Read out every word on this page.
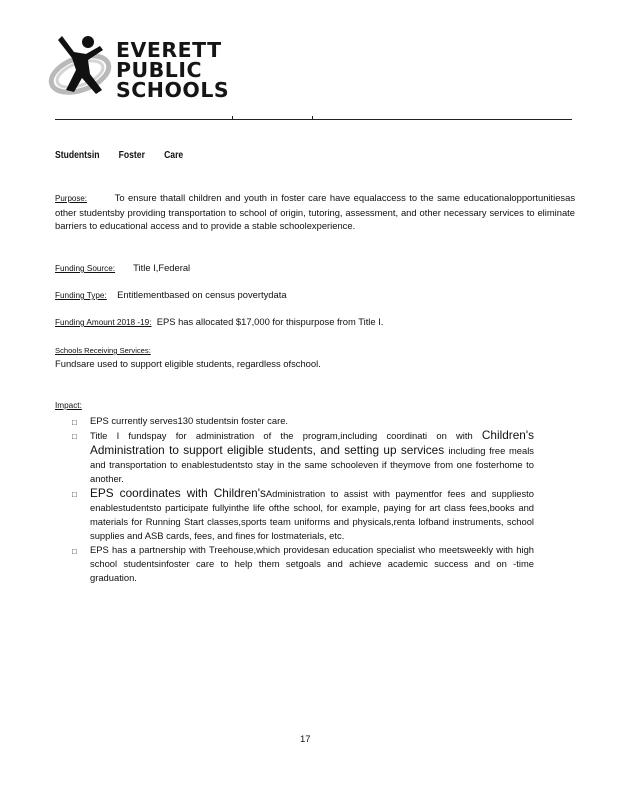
EVERETT
PUBLIC
SCHOOLS
Studentsin        Foster        Care
Purpose:	To ensure thatall children and youth in foster care have equalaccess to the same educationalopportunitiesas other studentsby providing transportation to school of origin, tutoring, assessment, and other necessary services to eliminate barriers to educational access and to provide a stable schoolexperience.
Funding Source: Title I,Federal
Funding Type: Entitlementbased on census povertydata
Funding Amount 2018 -19: EPS has allocated $17,000 for thispurpose from Title I.
Schools Receiving Services:
Fundsare used to support eligible students, regardless ofschool.
Impact:
□ EPS currently serves130 studentsin foster care.
□ Title I fundspay for administration of the program,including coordinati on with Children's Administration to support eligible students, and setting up services including free meals and transportation to enablestudentsto stay in the same schooleven if theymove from one fosterhome to another.
□ EPS coordinates with Children'sAdministration to assist with paymentfor fees and suppliesto enablestudentsto participate fullyinthe life ofthe school, for example, paying for art class fees,books and materials for Running Start classes,sports team uniforms and physicals,renta lofband instruments, school supplies and ASB cards, fees, and fines for lostmaterials, etc.
□ EPS has a partnership with Treehouse,which providesan education specialist who meetsweekly with high school studentsinfoster care to help them setgoals and achieve academic success and on -time graduation.
17
